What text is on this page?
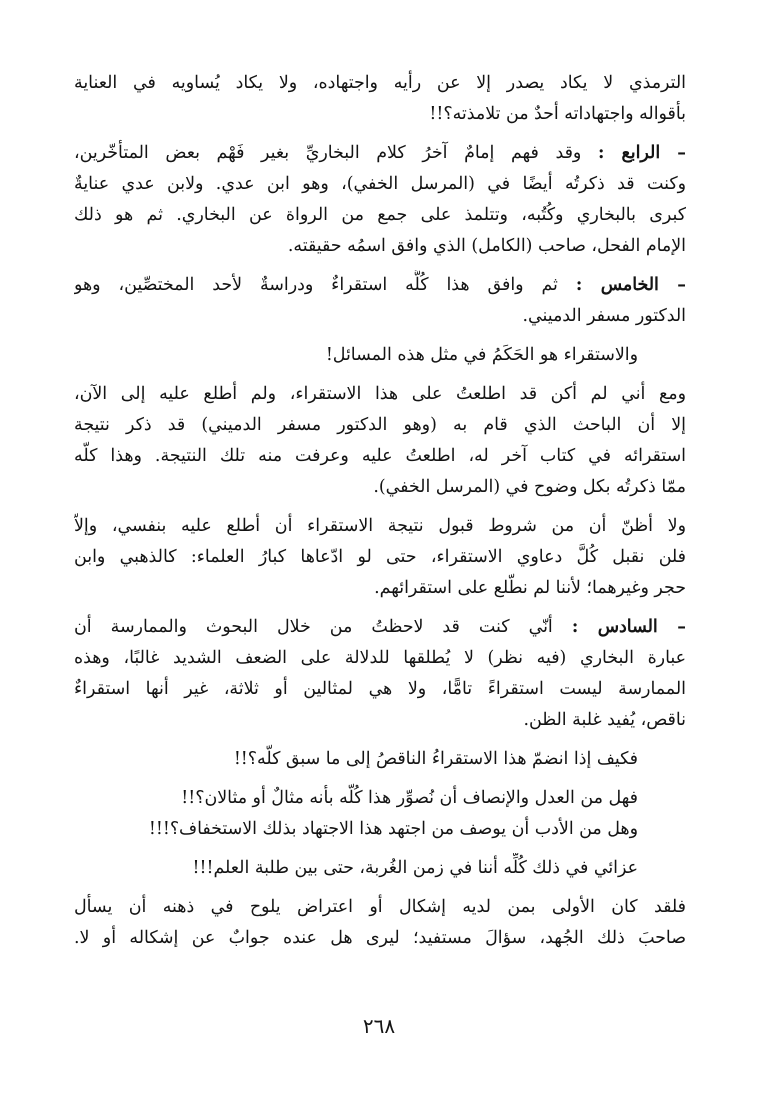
الترمذي لا يكاد يصدر إلا عن رأيه واجتهاده، ولا يكاد يُساويه في العناية
بأقواله واجتهاداته أحدٌ من تلامذته؟!!
– الرابع : وقد فهم إمامٌ آخرُ كلام البخاريِّ بغير فَهْم بعض المتأخّرين،
وكنت قد ذكرتُه أيضًا في (المرسل الخفي)، وهو ابن عدي. ولابن عدي عنايةٌ
كبرى بالبخاري وكُتُبه، وتتلمذ على جمع من الرواة عن البخاري. ثم هو ذلك
الإمام الفحل، صاحب (الكامل) الذي وافق اسمُه حقيقته.
– الخامس : ثم وافق هذا كُلَّه استقراءٌ ودراسةٌ لأحد المختصِّين، وهو
الدكتور مسفر الدميني.
والاستقراء هو الحَكَمُ في مثل هذه المسائل!
ومع أني لم أكن قد اطلعتُ على هذا الاستقراء، ولم أطلع عليه إلى الآن،
إلا أن الباحث الذي قام به (وهو الدكتور مسفر الدميني) قد ذكر نتيجة
استقرائه في كتاب آخر له، اطلعتُ عليه وعرفت منه تلك النتيجة. وهذا كلّه
ممّا ذكرتُه بكل وضوح في (المرسل الخفي).
ولا أظنّ أن من شروط قبول نتيجة الاستقراء أن أطلع عليه بنفسي، وإلاّ
فلن نقبل كُلَّ دعاوي الاستقراء، حتى لو ادّعاها كبارُ العلماء: كالذهبي وابن
حجر وغيرهما؛ لأننا لم نطّلع على استقرائهم.
– السادس : أنّي كنت قد لاحظتُ من خلال البحوث والممارسة أن
عبارة البخاري (فيه نظر) لا يُطلقها للدلالة على الضعف الشديد غالبًا، وهذه
الممارسة ليست استقراءً تامًّا، ولا هي لمثالين أو ثلاثة، غير أنها استقراءٌ
ناقص، يُفيد غلبة الظن.
فكيف إذا انضمّ هذا الاستقراءُ الناقصُ إلى ما سبق كلّه؟!!
فهل من العدل والإنصاف أن نُصوِّر هذا كُلّه بأنه مثالٌ أو مثالان؟!!
وهل من الأدب أن يوصف من اجتهد هذا الاجتهاد بذلك الاستخفاف؟!!!
عزائي في ذلك كُلِّه أننا في زمن الغُربة، حتى بين طلبة العلم!!!
فلقد كان الأولى بمن لديه إشكال أو اعتراض يلوح في ذهنه أن يسأل
صاحبَ ذلك الجُهد، سؤالَ مستفيد؛ ليرى هل عنده جوابٌ عن إشكاله أو لا.
٢٦٨
